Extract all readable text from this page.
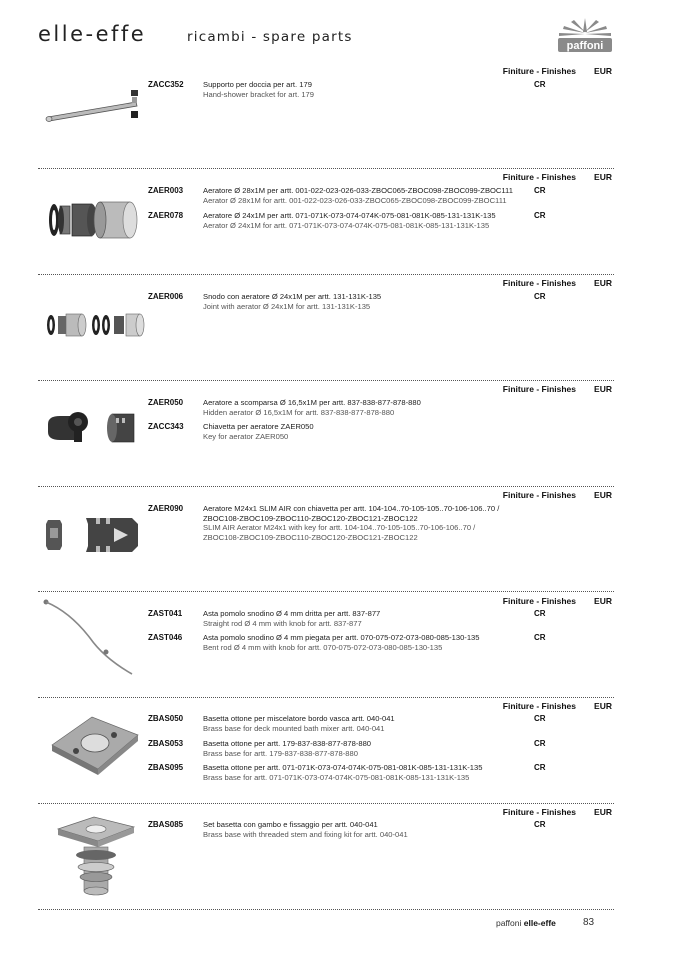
elle-effe	ricambi - spare parts
paffoni
Finiture - Finishes EUR
ZACC352	Supporto per doccia per art. 179
Hand-shower bracket for art. 179
CR
Finiture - Finishes EUR
ZAER003	Aeratore Ø 28x1M per artt. 001-022-023-026-033-ZBOC065-ZBOC098-ZBOC099-ZBOC111
Aerator Ø 28x1M for artt. 001-022-023-026-033-ZBOC065-ZBOC098-ZBOC099-ZBOC111
CR
ZAER078	Aeratore Ø 24x1M per artt. 071-071K-073-074-074K-075-081-081K-085-131-131K-135
Aerator Ø 24x1M for artt. 071-071K-073-074-074K-075-081-081K-085-131-131K-135
CR
Finiture - Finishes EUR
ZAER006	Snodo con aeratore Ø 24x1M per artt. 131-131K-135
Joint with aerator Ø 24x1M for artt. 131-131K-135
CR
Finiture - Finishes EUR
ZAER050	Aeratore a scomparsa Ø 16,5x1M per artt. 837-838-877-878-880
Hidden aerator Ø 16,5x1M for artt. 837-838-877-878-880
ZACC343	Chiavetta per aeratore ZAER050
Key for aerator ZAER050
Finiture - Finishes EUR
ZAER090	Aeratore M24x1 SLIM AIR con chiavetta per artt. 104-104..70-105-105..70-106-106..70 / ZBOC108-ZBOC109-ZBOC110-ZBOC120-ZBOC121-ZBOC122
SLIM AIR Aerator M24x1 with key for artt. 104-104..70-105-105..70-106-106..70 / ZBOC108-ZBOC109-ZBOC110-ZBOC120-ZBOC121-ZBOC122
Finiture - Finishes EUR
ZAST041	Asta pomolo snodino Ø 4 mm dritta per artt. 837-877
Straight rod Ø 4 mm with knob for artt. 837-877
CR
ZAST046	Asta pomolo snodino Ø 4 mm piegata per artt. 070-075-072-073-080-085-130-135
Bent rod Ø 4 mm with knob for artt. 070-075-072-073-080-085-130-135
CR
Finiture - Finishes EUR
ZBAS050	Basetta ottone per miscelatore bordo vasca artt. 040-041
Brass base for deck mounted bath mixer artt. 040-041
CR
ZBAS053	Basetta ottone per artt. 179-837-838-877-878-880
Brass base for artt. 179-837-838-877-878-880
CR
ZBAS095	Basetta ottone per artt. 071-071K-073-074-074K-075-081-081K-085-131-131K-135
Brass base for artt. 071-071K-073-074-074K-075-081-081K-085-131-131K-135
CR
Finiture - Finishes EUR
ZBAS085	Set basetta con gambo e fissaggio per artt. 040-041
Brass base with threaded stem and fixing kit for artt. 040-041
CR
paffoni elle-effe	83
